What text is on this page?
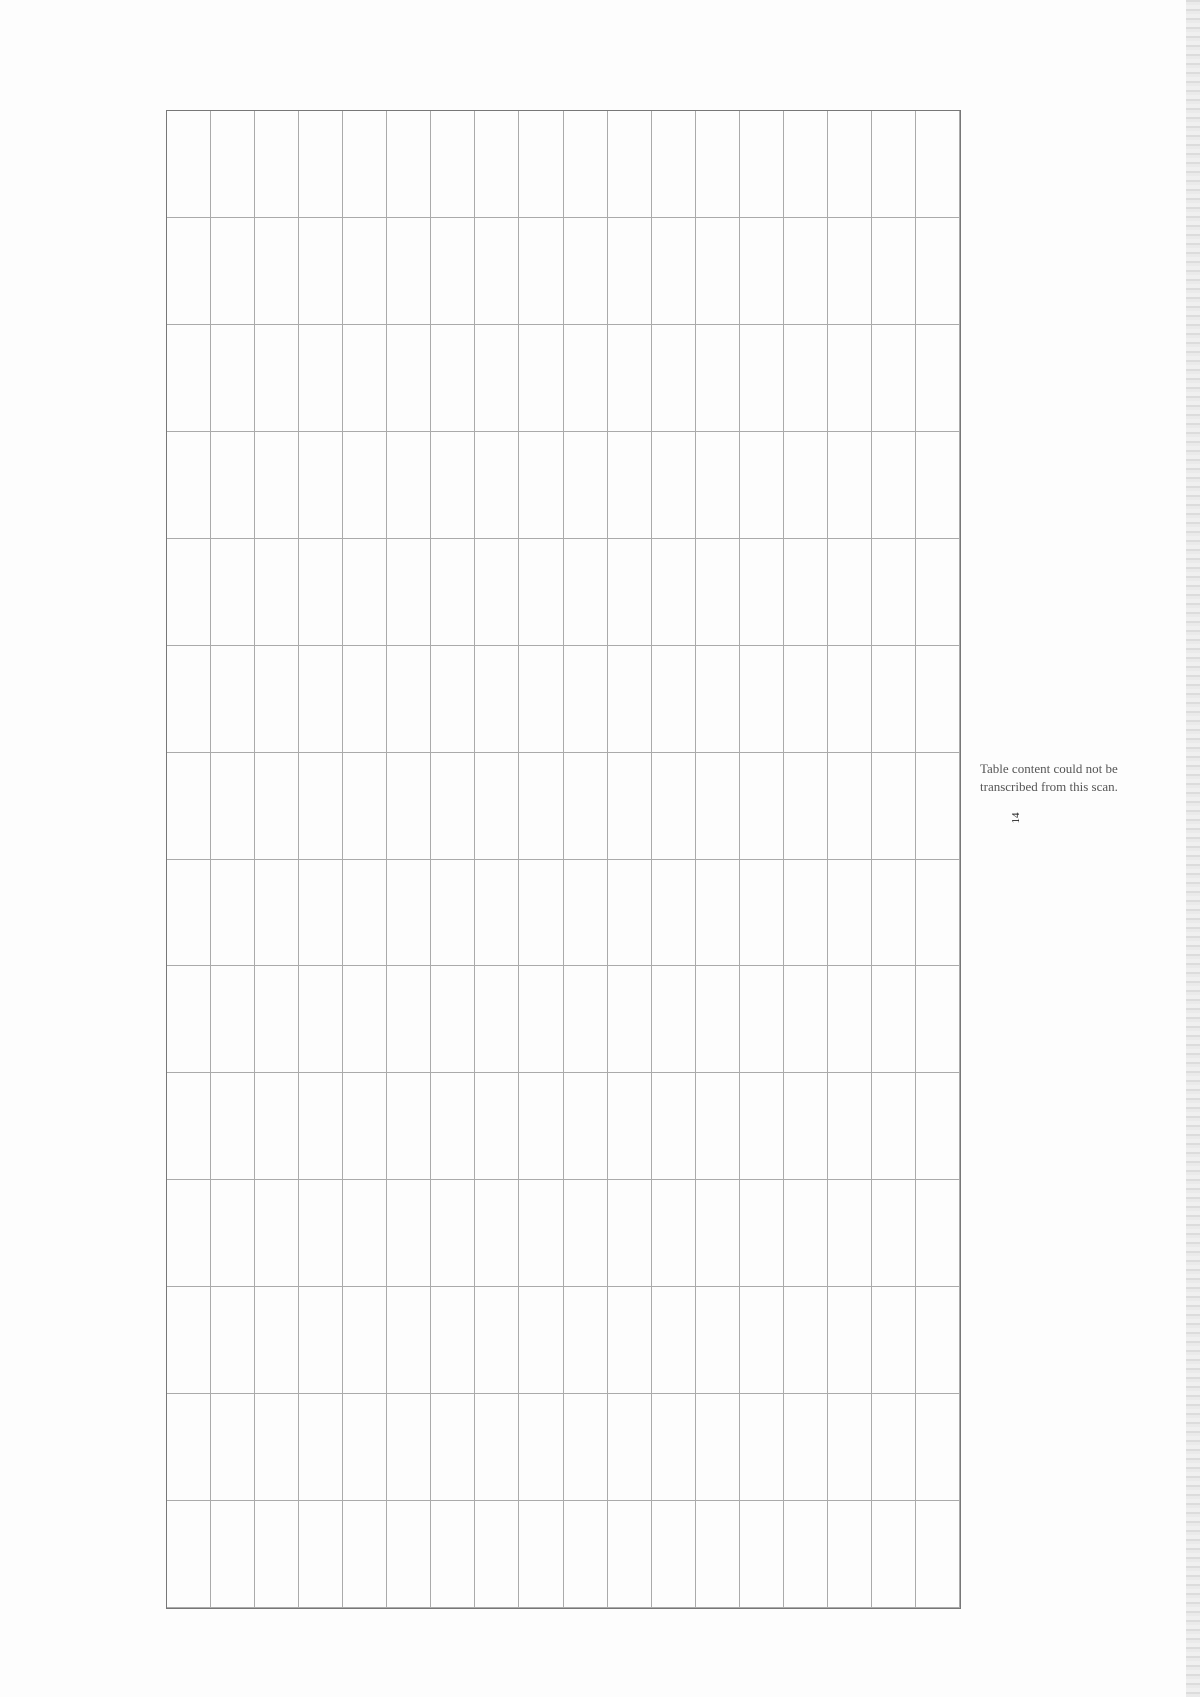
Table content could not be transcribed from this scan.
14
